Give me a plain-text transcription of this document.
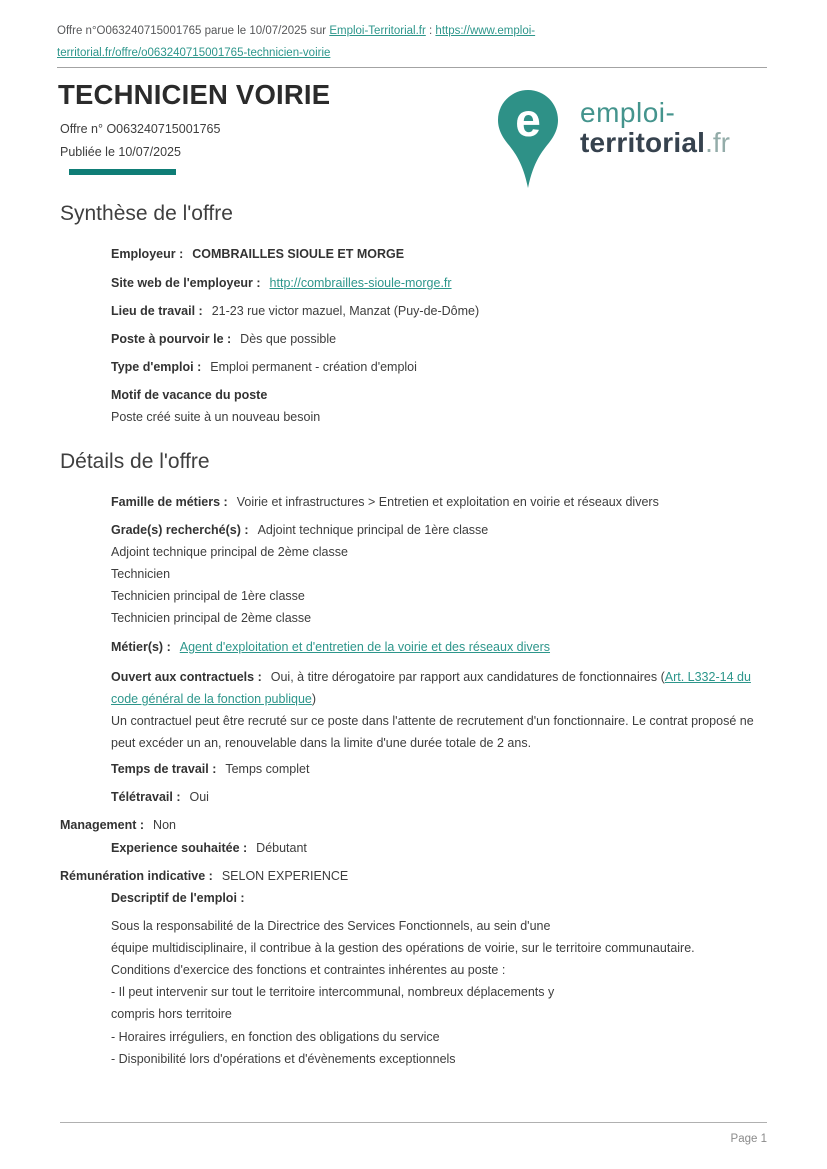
Offre n°O063240715001765 parue le 10/07/2025 sur Emploi-Territorial.fr : https://www.emploi-territorial.fr/offre/o063240715001765-technicien-voirie

TECHNICIEN VOIRIE
Offre n° O063240715001765
Publiée le 10/07/2025
e	emploi-
territorial.fr
Synthèse de l'offre
Employeur : COMBRAILLES SIOULE ET MORGE
Site web de l'employeur : http://combrailles-sioule-morge.fr
Lieu de travail : 21-23 rue victor mazuel, Manzat (Puy-de-Dôme)
Poste à pourvoir le : Dès que possible
Type d'emploi : Emploi permanent - création d'emploi
Motif de vacance du poste
Poste créé suite à un nouveau besoin
Détails de l'offre
Famille de métiers : Voirie et infrastructures > Entretien et exploitation en voirie et réseaux divers
Grade(s) recherché(s) : Adjoint technique principal de 1ère classe
Adjoint technique principal de 2ème classe
Technicien
Technicien principal de 1ère classe
Technicien principal de 2ème classe
Métier(s) : Agent d'exploitation et d'entretien de la voirie et des réseaux divers

Ouvert aux contractuels : Oui, à titre dérogatoire par rapport aux candidatures de fonctionnaires (Art. L332-14 du code général de la fonction publique)

Un contractuel peut être recruté sur ce poste dans l'attente de recrutement d'un fonctionnaire. Le contrat proposé ne peut excéder un an, renouvelable dans la limite d'une durée totale de 2 ans.

Temps de travail : Temps complet
Télétravail : Oui
Management : Non
Experience souhaitée : Débutant
Rémunération indicative : SELON EXPERIENCE
Descriptif de l'emploi :
Sous la responsabilité de la Directrice des Services Fonctionnels, au sein d'une
équipe multidisciplinaire, il contribue à la gestion des opérations de voirie, sur le territoire communautaire.
Conditions d'exercice des fonctions et contraintes inhérentes au poste :
- Il peut intervenir sur tout le territoire intercommunal, nombreux déplacements y
compris hors territoire
- Horaires irréguliers, en fonction des obligations du service
- Disponibilité lors d'opérations et d'évènements exceptionnels
Page 1
